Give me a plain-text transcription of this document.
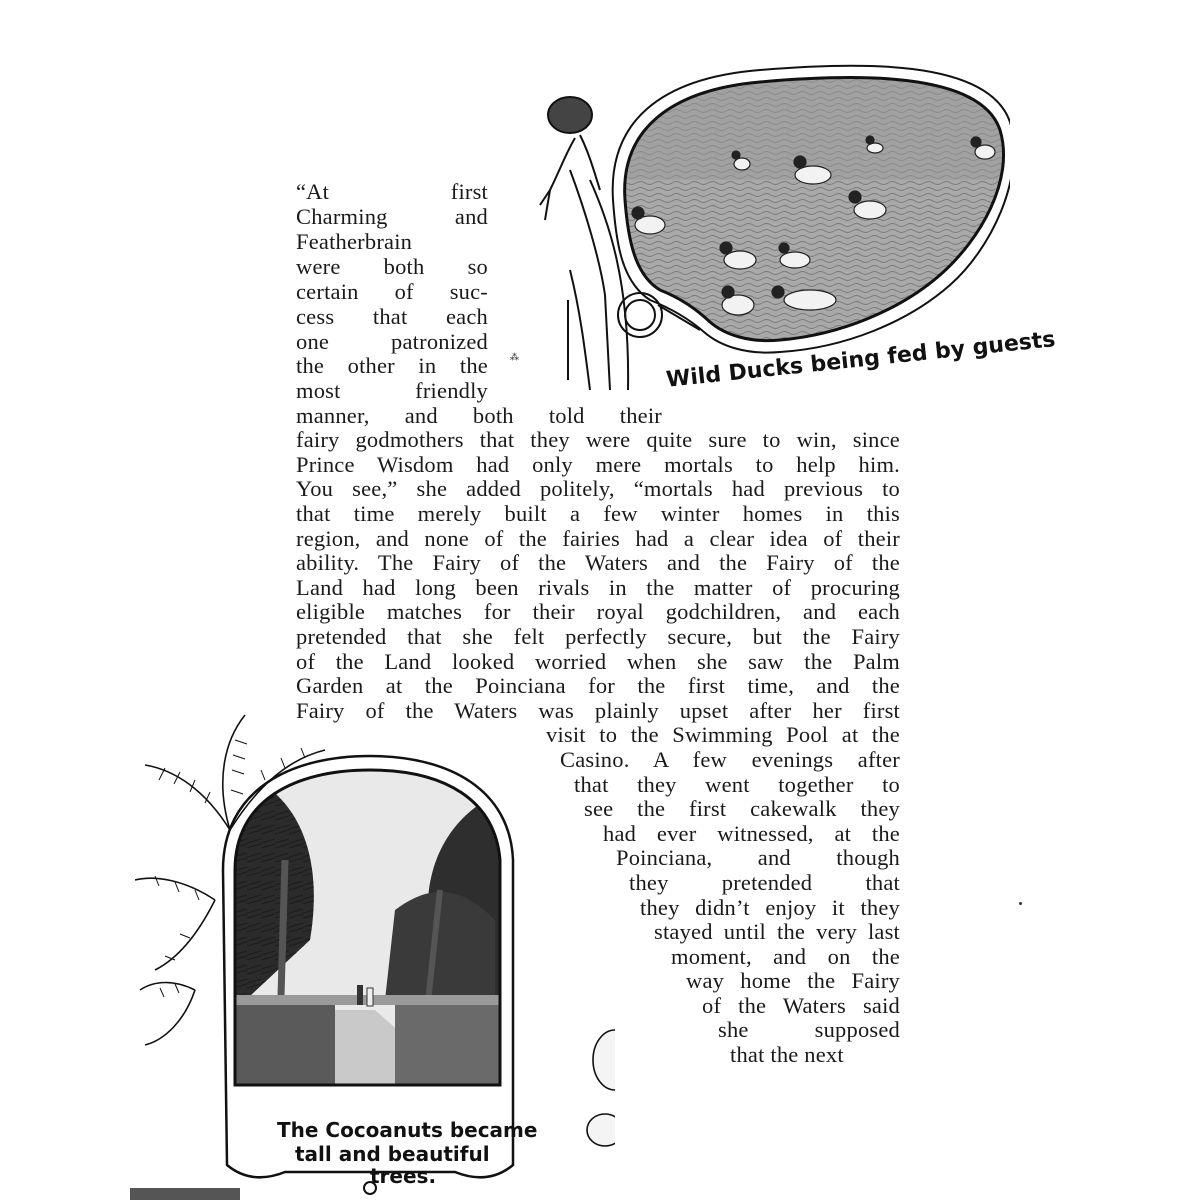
⁂	Wild Ducks being fed by guests
“At first
Charming and
Featherbrain
were both so
certain of suc-
cess that each
one patronized
the other in the
most friendly
manner, and both told their
fairy godmothers that they were quite sure to win, since
Prince Wisdom had only mere mortals to help him.
You see,” she added politely, “mortals had previous to
that time merely built a few winter homes in this
region, and none of the fairies had a clear idea of their
ability. The Fairy of the Waters and the Fairy of the
Land had long been rivals in the matter of procuring
eligible matches for their royal godchildren, and each
pretended that she felt perfectly secure, but the Fairy
of the Land looked worried when she saw the Palm
Garden at the Poinciana for the first time, and the
Fairy of the Waters was plainly upset after her first
visit to the Swimming Pool at the
Casino. A few evenings after
that they went together to
see the first cakewalk they
had ever witnessed, at the
Poinciana, and though
they pretended that
they didn’t enjoy it they
stayed until the very last
moment, and on the
way home the Fairy
of the Waters said
she supposed
that the next
The Cocoanuts became
tall and beautiful
trees.
